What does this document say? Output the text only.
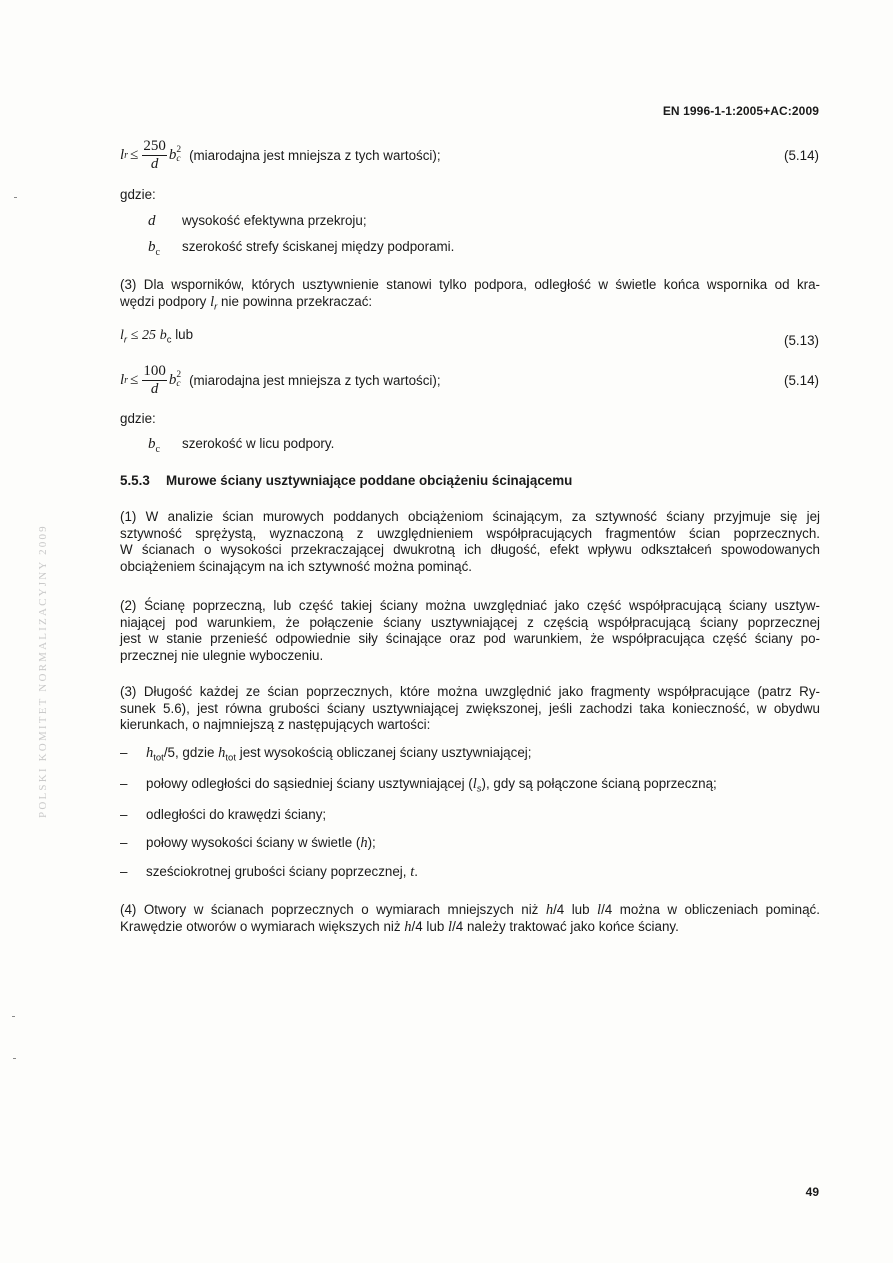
EN 1996-1-1:2005+AC:2009
l $r \le \frac{250}{d}$ b 2
c (miarodajna jest mniejsza z tych wartości);	(5.14)
gdzie:
d wysokość efektywna przekroju;
$b_c$ szerokość strefy ściskanej między podporami.
(3) Dla wsporników, których usztywnienie stanowi tylko podpora, odległość w świetle końca wspornika od kra-
wędzi podpory $l_r$ nie powinna przekraczać:
$l_r \le 25$ $b_c$ lub	(5.13)
l $r \le \frac{100}{d}$ b 2
c (miarodajna jest mniejsza z tych wartości);	(5.14)
gdzie:
$b_c$ szerokość w licu podpory.
5.5.3 Murowe ściany usztywniające poddane obciążeniu ścinającemu
(1) W analizie ścian murowych poddanych obciążeniom ścinającym, za sztywność ściany przyjmuje się jej
sztywność sprężystą, wyznaczoną z uwzględnieniem współpracujących fragmentów ścian poprzecznych.
W ścianach o wysokości przekraczającej dwukrotną ich długość, efekt wpływu odkształceń spowodowanych
obciążeniem ścinającym na ich sztywność można pominąć.
(2) Ścianę poprzeczną, lub część takiej ściany można uwzględniać jako część współpracującą ściany usztyw-
niającej pod warunkiem, że połączenie ściany usztywniającej z częścią współpracującą ściany poprzecznej
jest w stanie przenieść odpowiednie siły ścinające oraz pod warunkiem, że współpracująca część ściany po-
przecznej nie ulegnie wyboczeniu.
(3) Długość każdej ze ścian poprzecznych, które można uwzględnić jako fragmenty współpracujące (patrz Ry-
sunek 5.6), jest równa grubości ściany usztywniającej zwiększonej, jeśli zachodzi taka konieczność, w obydwu
kierunkach, o najmniejszą z następujących wartości:
– $h_{tot}/5$, gdzie $h_{tot}$ jest wysokością obliczanej ściany usztywniającej;
– połowy odległości do sąsiedniej ściany usztywniającej $(l_s)$, gdy są połączone ścianą poprzeczną;
– odległości do krawędzi ściany;
– połowy wysokości ściany w świetle (h);
– sześciokrotnej grubości ściany poprzecznej, t.
(4) Otwory w ścianach poprzecznych o wymiarach mniejszych niż h/4 lub l/4 można w obliczeniach pominąć.
Krawędzie otworów o wymiarach większych niż h/4 lub l/4 należy traktować jako końce ściany.
POLSKI KOMITET NORMALIZACYJNY 2009
49
